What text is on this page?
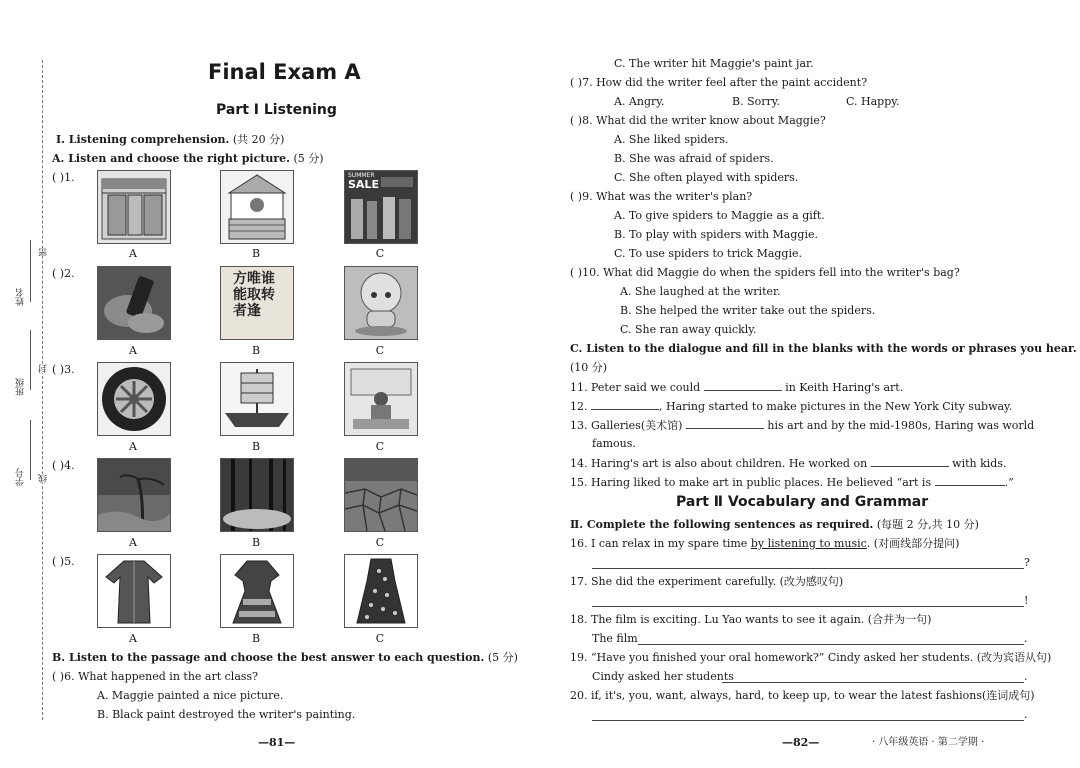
姓名
班级
学号
密
封
线
Final Exam A
Part Ⅰ Listening
Ⅰ. Listening comprehension. (共 20 分)
A. Listen and choose the right picture. (5 分)
( )1.
( )2.
( )3.
( )4.
( )5.
SUMMER
SALE
A	B	C
方唯谁能取转者逢
A	B	C
A	B	C
A	B	C
A	B	C
B. Listen to the passage and choose the best answer to each question. (5 分)
( )6. What happened in the art class?
A. Maggie painted a nice picture.
B. Black paint destroyed the writer's painting.
—81—
C. The writer hit Maggie's paint jar.
( )7. How did the writer feel after the paint accident?
A. Angry.	B. Sorry.	C. Happy.
( )8. What did the writer know about Maggie?
A. She liked spiders.
B. She was afraid of spiders.
C. She often played with spiders.
( )9. What was the writer's plan?
A. To give spiders to Maggie as a gift.
B. To play with spiders with Maggie.
C. To use spiders to trick Maggie.
( )10. What did Maggie do when the spiders fell into the writer's bag?
A. She laughed at the writer.
B. She helped the writer take out the spiders.
C. She ran away quickly.
C. Listen to the dialogue and fill in the blanks with the words or phrases you hear.
(10 分)
11. Peter said we could	in Keith Haring's art.
12.	, Haring started to make pictures in the New York City subway.
13. Galleries(美术馆)	his art and by the mid-1980s, Haring was world
famous.
14. Haring's art is also about children. He worked on	with kids.
15. Haring liked to make art in public places. He believed “art is	.”
Part Ⅱ Vocabulary and Grammar
Ⅱ. Complete the following sentences as required. (每题 2 分,共 10 分)
16. I can relax in my spare time by listening to music. (对画线部分提问)
?
17. She did the experiment carefully. (改为感叹句)
!
18. The film is exciting. Lu Yao wants to see it again. (合并为一句)
The film	.
19. “Have you finished your oral homework?” Cindy asked her students. (改为宾语从句)
Cindy asked her students	.
20. if, it's, you, want, always, hard, to keep up, to wear the latest fashions(连词成句)
.
—82—	· 八年级英语 · 第二学期 ·
